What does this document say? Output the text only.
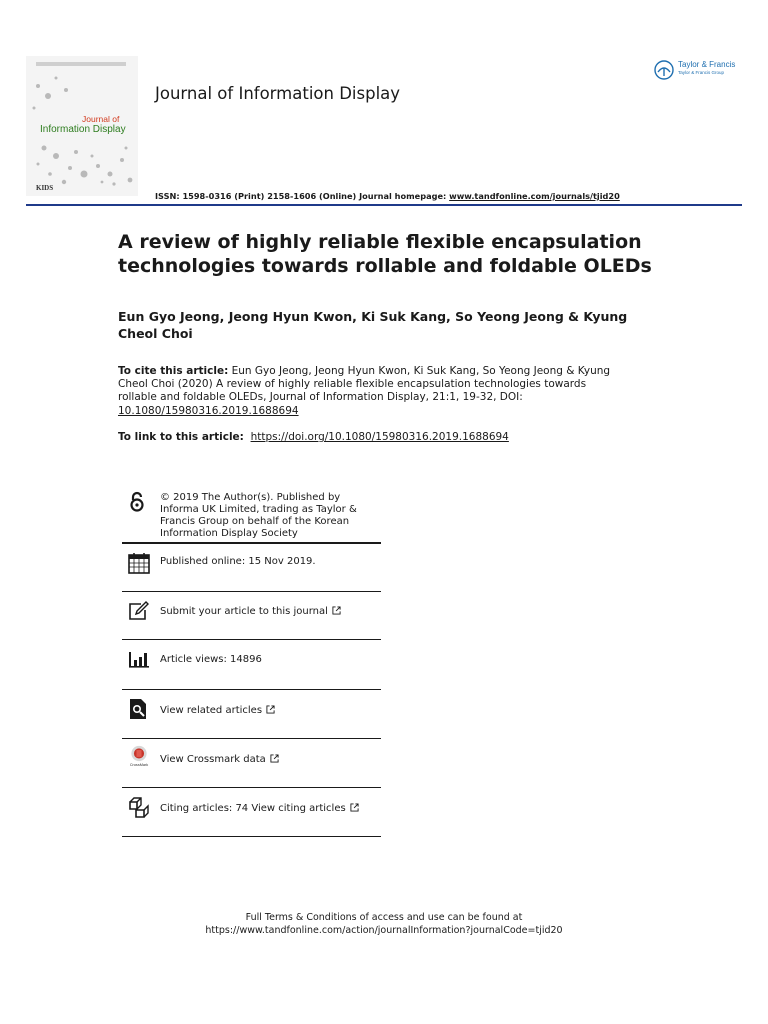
Journal of
Information Display
KIDS
Journal of Information Display
Taylor & Francis
Taylor & Francis Group
ISSN: 1598-0316 (Print) 2158-1606 (Online) Journal homepage: www.tandfonline.com/journals/tjid20
A review of highly reliable flexible encapsulation technologies towards rollable and foldable OLEDs
Eun Gyo Jeong, Jeong Hyun Kwon, Ki Suk Kang, So Yeong Jeong & Kyung Cheol Choi
To cite this article: Eun Gyo Jeong, Jeong Hyun Kwon, Ki Suk Kang, So Yeong Jeong & Kyung Cheol Choi (2020) A review of highly reliable flexible encapsulation technologies towards rollable and foldable OLEDs, Journal of Information Display, 21:1, 19-32, DOI: 10.1080/15980316.2019.1688694
To link to this article: https://doi.org/10.1080/15980316.2019.1688694
© 2019 The Author(s). Published by Informa UK Limited, trading as Taylor & Francis Group on behalf of the Korean Information Display Society
Published online: 15 Nov 2019.
Submit your article to this journal
Article views: 14896
View related articles
CrossMark
View Crossmark data
Citing articles: 74 View citing articles
Full Terms & Conditions of access and use can be found at
https://www.tandfonline.com/action/journalInformation?journalCode=tjid20
